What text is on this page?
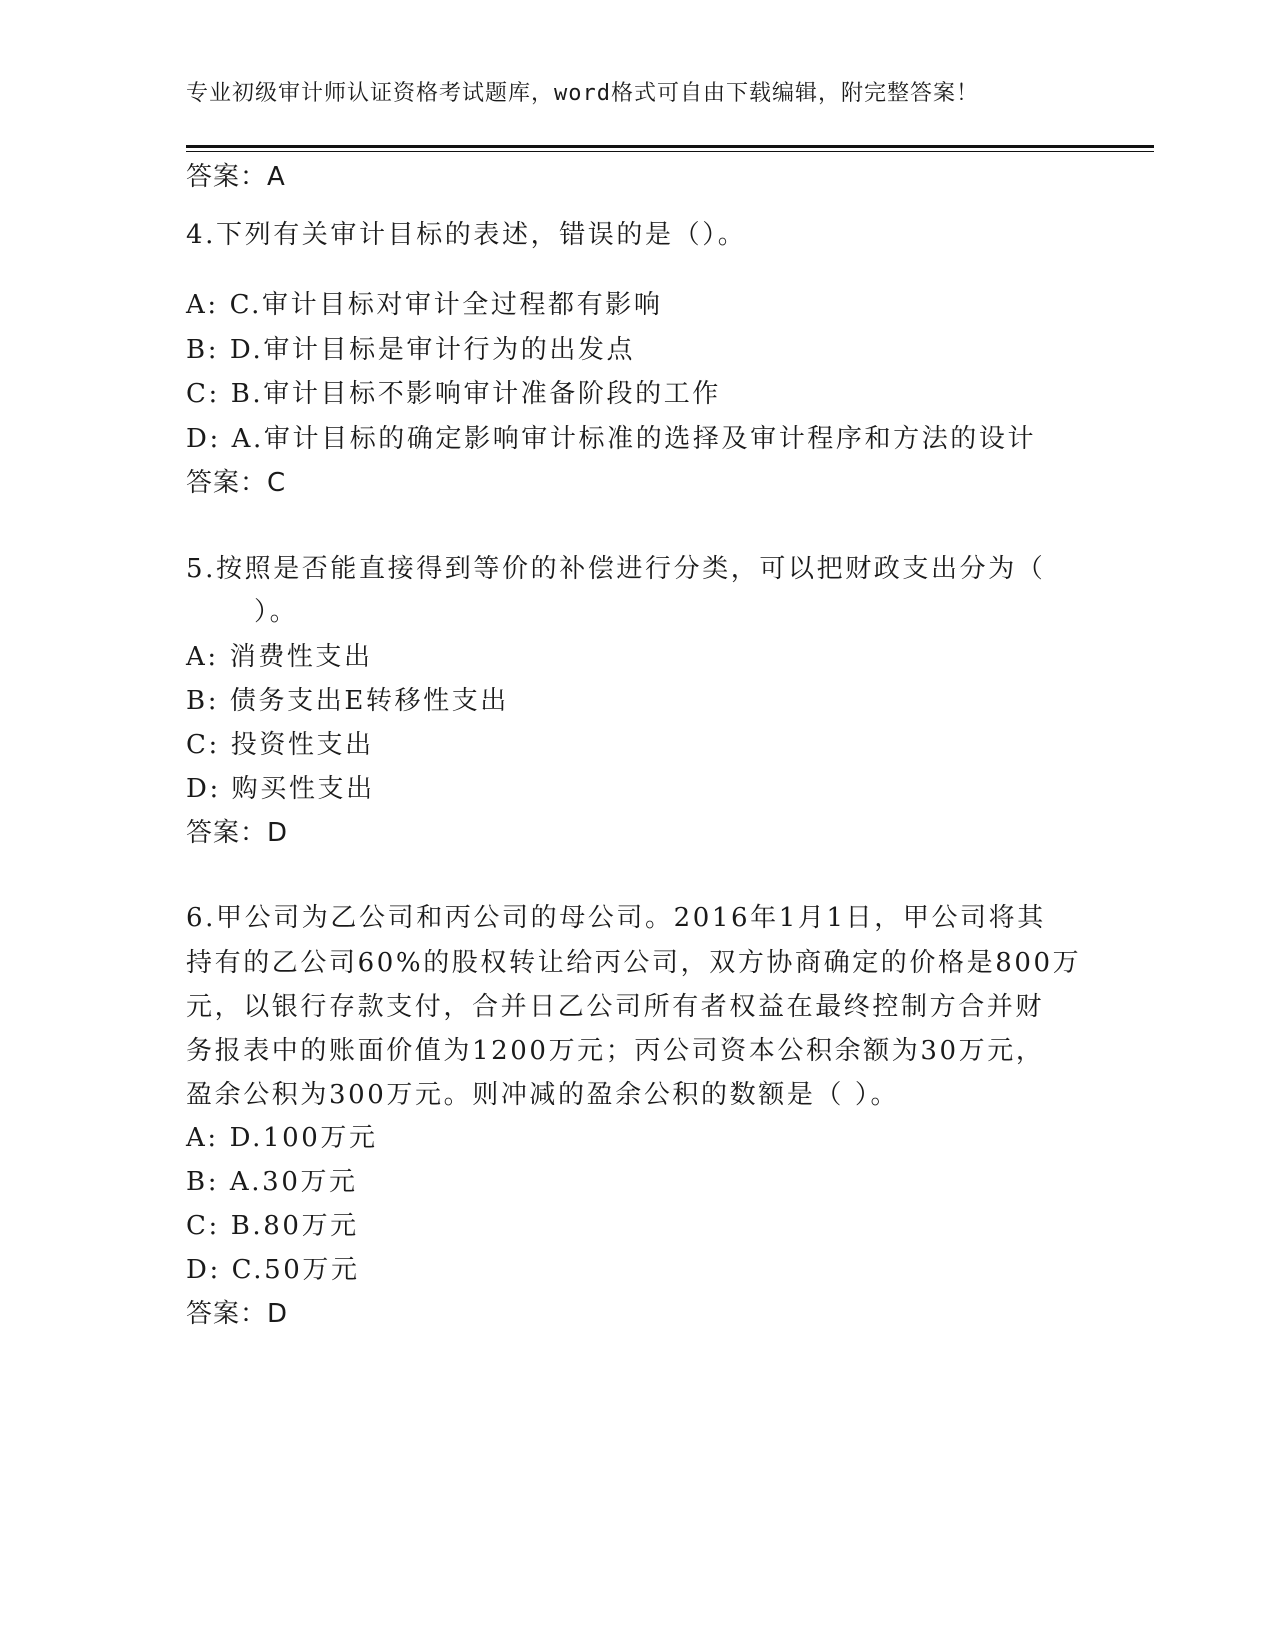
专业初级审计师认证资格考试题库，word格式可自由下载编辑，附完整答案！
答案：A
4.下列有关审计目标的表述，错误的是（）。
A: C.审计目标对审计全过程都有影响
B: D.审计目标是审计行为的出发点
C: B.审计目标不影响审计准备阶段的工作
D: A.审计目标的确定影响审计标准的选择及审计程序和方法的设计
答案：C
5.按照是否能直接得到等价的补偿进行分类，可以把财政支出分为（
）。
A: 消费性支出
B: 债务支出E转移性支出
C: 投资性支出
D: 购买性支出
答案：D
6.甲公司为乙公司和丙公司的母公司。2016年1月1日，甲公司将其
持有的乙公司60%的股权转让给丙公司，双方协商确定的价格是800万
元，以银行存款支付，合并日乙公司所有者权益在最终控制方合并财
务报表中的账面价值为1200万元；丙公司资本公积余额为30万元，
盈余公积为300万元。则冲减的盈余公积的数额是（ ）。
A: D.100万元
B: A.30万元
C: B.80万元
D: C.50万元
答案：D
